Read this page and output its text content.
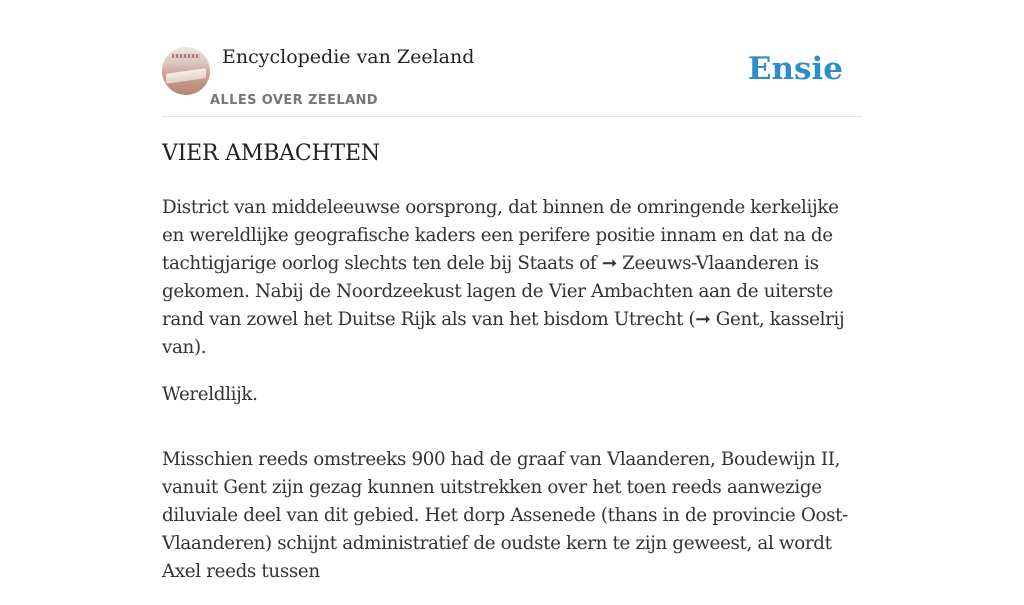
Encyclopedie van Zeeland
ALLES OVER ZEELAND
Ensie
VIER AMBACHTEN

District van middeleeuwse oorsprong, dat binnen de omringende kerkelijke en wereldlijke geografische kaders een perifere positie innam en dat na de tachtigjarige oorlog slechts ten dele bij Staats of ➞ Zeeuws-Vlaanderen is gekomen. Nabij de Noordzeekust lagen de Vier Ambachten aan de uiterste rand van zowel het Duitse Rijk als van het bisdom Utrecht (➞ Gent, kasselrij van).

Wereldlijk.

Misschien reeds omstreeks 900 had de graaf van Vlaanderen, Boudewijn II, vanuit Gent zijn gezag kunnen uitstrekken over het toen reeds aanwezige diluviale deel van dit gebied. Het dorp Assenede (thans in de provincie Oost-Vlaanderen) schijnt administratief de oudste kern te zijn geweest, al wordt Axel reeds tussen
